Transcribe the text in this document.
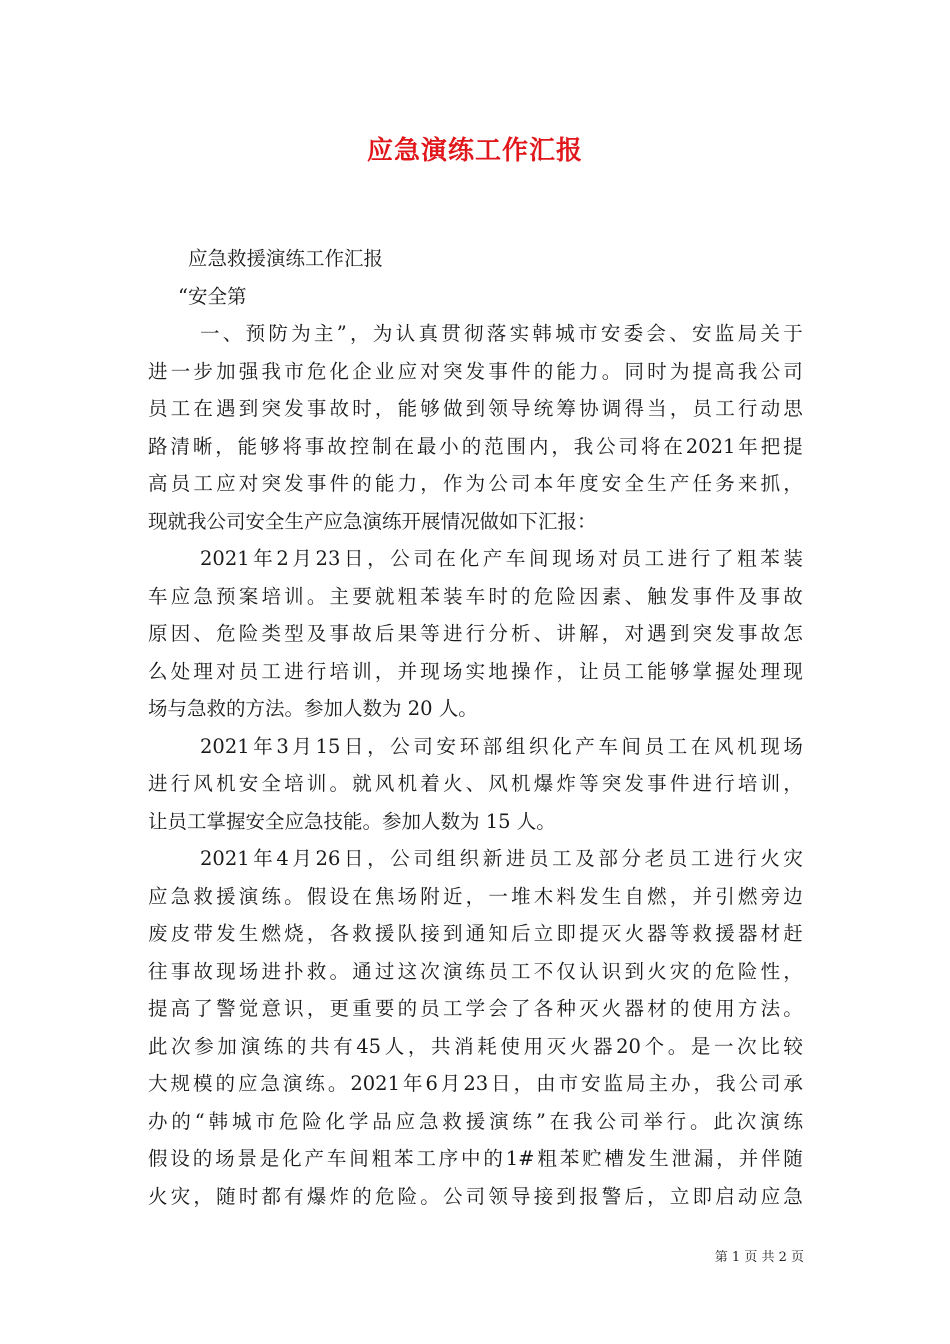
应急演练工作汇报
应急救援演练工作汇报
“安全第
一 、 预 防 为 主 ” ， 为 认 真 贯 彻 落 实 韩 城 市 安 委 会 、 安 监 局 关 于
进 一 步 加 强 我 市 危 化 企 业 应 对 突 发 事 件 的 能 力 。 同 时 为 提 高 我 公 司
员 工 在 遇 到 突 发 事 故 时 ， 能 够 做 到 领 导 统 筹 协 调 得 当 ， 员 工 行 动 思
路 清 晰 ， 能 够 将 事 故 控 制 在 最 小 的 范 围 内 ， 我 公 司 将 在 2021 年 把 提
高 员 工 应 对 突 发 事 件 的 能 力 ， 作 为 公 司 本 年 度 安 全 生 产 任 务 来 抓 ，
现就我公司安全生产应急演练开展情况做如下汇报：
2021 年 2 月 23 日 ， 公 司 在 化 产 车 间 现 场 对 员 工 进 行 了 粗 苯 装
车 应 急 预 案 培 训 。 主 要 就 粗 苯 装 车 时 的 危 险 因 素 、 触 发 事 件 及 事 故
原 因 、 危 险 类 型 及 事 故 后 果 等 进 行 分 析 、 讲 解 ， 对 遇 到 突 发 事 故 怎
么 处 理 对 员 工 进 行 培 训 ， 并 现 场 实 地 操 作 ， 让 员 工 能 够 掌 握 处 理 现
场与急救的方法。参加人数为 20 人。
2021 年 3 月 15 日 ， 公 司 安 环 部 组 织 化 产 车 间 员 工 在 风 机 现 场
进 行 风 机 安 全 培 训 。 就 风 机 着 火 、 风 机 爆 炸 等 突 发 事 件 进 行 培 训 ，
让员工掌握安全应急技能。参加人数为 15 人。
2021 年 4 月 26 日 ， 公 司 组 织 新 进 员 工 及 部 分 老 员 工 进 行 火 灾
应 急 救 援 演 练 。 假 设 在 焦 场 附 近 ， 一 堆 木 料 发 生 自 燃 ， 并 引 燃 旁 边
废 皮 带 发 生 燃 烧 ， 各 救 援 队 接 到 通 知 后 立 即 提 灭 火 器 等 救 援 器 材 赶
往 事 故 现 场 进 扑 救 。 通 过 这 次 演 练 员 工 不 仅 认 识 到 火 灾 的 危 险 性 ，
提 高 了 警 觉 意 识 ， 更 重 要 的 员 工 学 会 了 各 种 灭 火 器 材 的 使 用 方 法 。
此 次 参 加 演 练 的 共 有 45 人 ， 共 消 耗 使 用 灭 火 器 20 个 。 是 一 次 比 较
大 规 模 的 应 急 演 练 。 2021 年 6 月 23 日 ， 由 市 安 监 局 主 办 ， 我 公 司 承
办 的 “ 韩 城 市 危 险 化 学 品 应 急 救 援 演 练 ” 在 我 公 司 举 行 。 此 次 演 练
假 设 的 场 景 是 化 产 车 间 粗 苯 工 序 中 的 1# 粗 苯 贮 槽 发 生 泄 漏 ， 并 伴 随
火 灾 ， 随 时 都 有 爆 炸 的 危 险 。 公 司 领 导 接 到 报 警 后 ， 立 即 启 动 应 急
第 1 页 共 2 页
